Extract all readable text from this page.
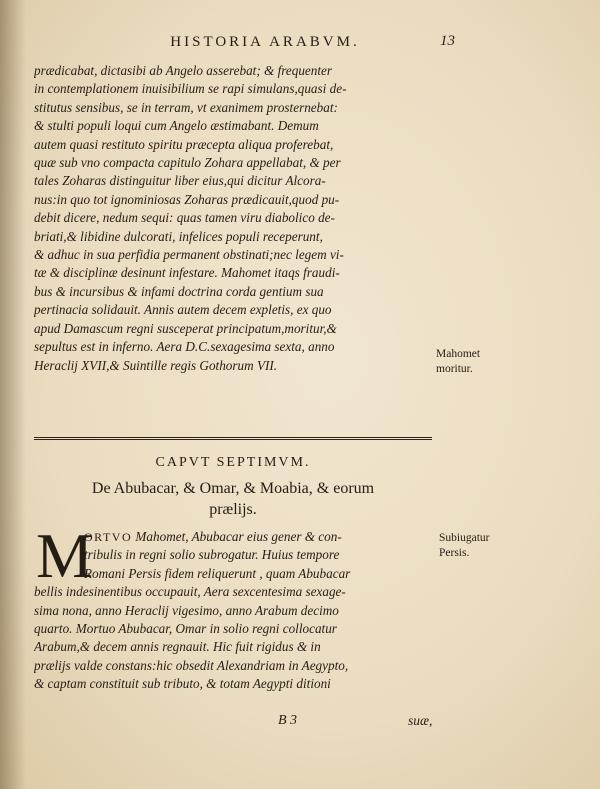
HISTORIA ARABVM.	13
prædicabat, dictasibi ab Angelo asserebat; & frequenter
in contemplationem inuisibilium se rapi simulans,quasi de-
stitutus sensibus, se in terram, vt exanimem prosternebat:
& stulti populi loqui cum Angelo æstimabant. Demum
autem quasi restituto spiritu præcepta aliqua proferebat,
quæ sub vno compacta capitulo Zohara appellabat, & per
tales Zoharas distinguitur liber eius,qui dicitur Alcora-
nus:in quo tot ignominiosas Zoharas prædicauit,quod pu-
debit dicere, nedum sequi: quas tamen viru diabolico de-
briati,& libidine dulcorati, infelices populi receperunt,
& adhuc in sua perfidia permanent obstinati;nec legem vi-
tæ & disciplinæ desinunt infestare. Mahomet itaqs fraudi-
bus & incursibus & infami doctrina corda gentium sua
pertinacia solidauit. Annis autem decem expletis, ex quo
apud Damascum regni susceperat principatum,moritur,&
sepultus est in inferno. Aera D.C.sexagesima sexta, anno
Heraclij XVII,& Suintille regis Gothorum VII.
Mahomet
moritur.
CAPVT SEPTIMVM.
De Abubacar, & Omar, & Moabia, & eorum
prælijs.
M
ORTVO Mahomet, Abubacar eius gener & con-
tribulis in regni solio subrogatur. Huius tempore
Romani Persis fidem reliquerunt , quam Abubacar
bellis indesinentibus occupauit, Aera sexcentesima sexage-
sima nona, anno Heraclij vigesimo, anno Arabum decimo
quarto. Mortuo Abubacar, Omar in solio regni collocatur
Arabum,& decem annis regnauit. Hic fuit rigidus & in
prælijs valde constans:hic obsedit Alexandriam in Aegypto,
& captam constituit sub tributo, & totam Aegypti ditioni
Subiugatur
Persis.
B 3	suæ,
